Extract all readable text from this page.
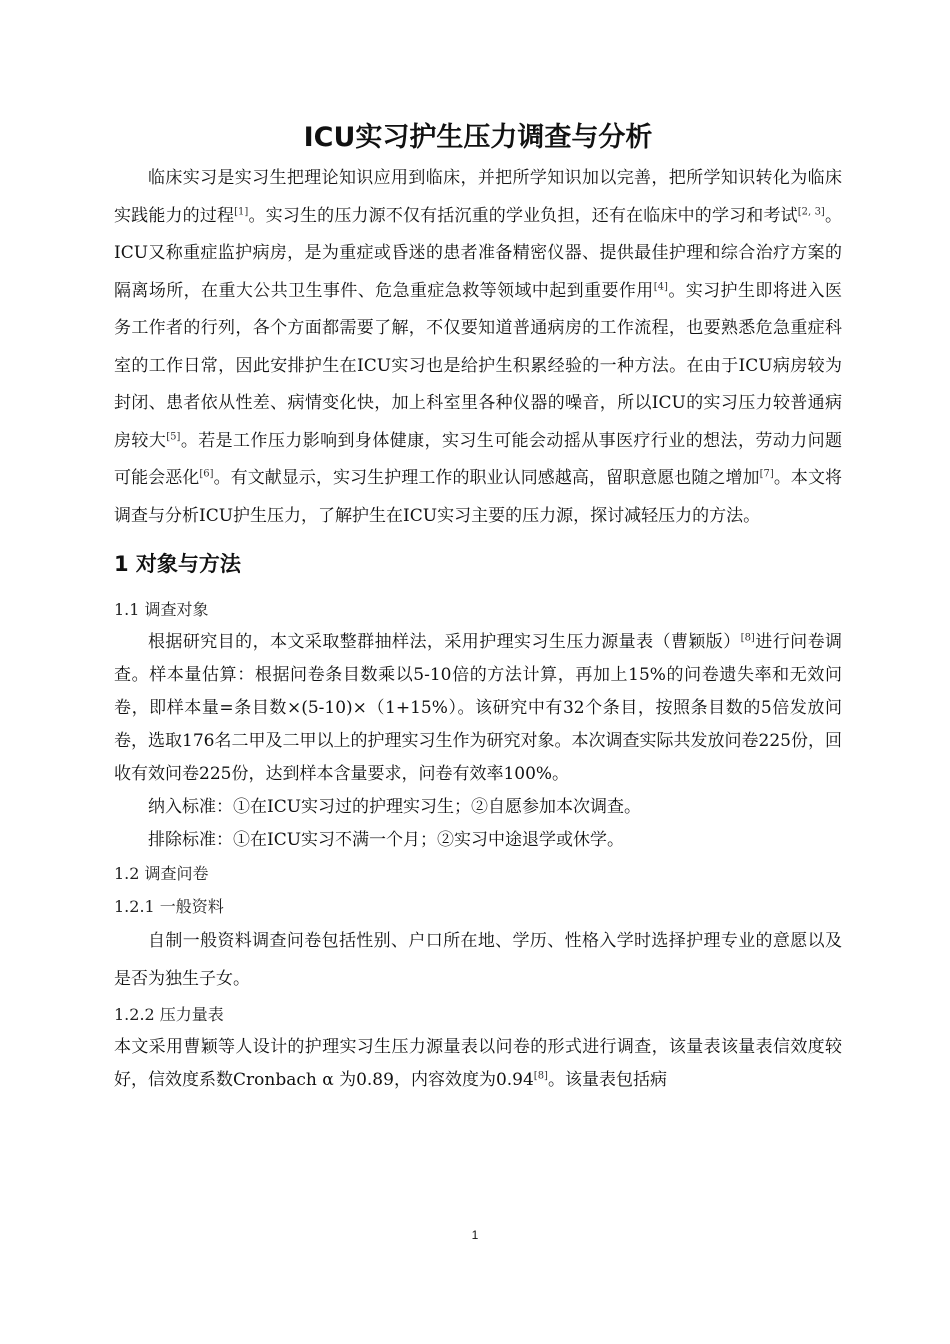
ICU实习护生压力调查与分析

临床实习是实习生把理论知识应用到临床，并把所学知识加以完善，把所学知识转化为临床实践能力的过程[1]。实习生的压力源不仅有括沉重的学业负担，还有在临床中的学习和考试[2, 3]。ICU又称重症监护病房，是为重症或昏迷的患者准备精密仪器、提供最佳护理和综合治疗方案的隔离场所，在重大公共卫生事件、危急重症急救等领域中起到重要作用[4]。实习护生即将进入医务工作者的行列，各个方面都需要了解，不仅要知道普通病房的工作流程，也要熟悉危急重症科室的工作日常，因此安排护生在ICU实习也是给护生积累经验的一种方法。在由于ICU病房较为封闭、患者依从性差、病情变化快，加上科室里各种仪器的噪音，所以ICU的实习压力较普通病房较大[5]。若是工作压力影响到身体健康，实习生可能会动摇从事医疗行业的想法，劳动力问题可能会恶化[6]。有文献显示，实习生护理工作的职业认同感越高，留职意愿也随之增加[7]。本文将调查与分析ICU护生压力，了解护生在ICU实习主要的压力源，探讨减轻压力的方法。

1 对象与方法
1.1 调查对象

根据研究目的，本文采取整群抽样法，采用护理实习生压力源量表（曹颖版）[8]进行问卷调查。样本量估算：根据问卷条目数乘以5-10倍的方法计算，再加上15%的问卷遗失率和无效问卷，即样本量=条目数×(5-10)×（1+15%）。该研究中有32个条目，按照条目数的5倍发放问卷，选取176名二甲及二甲以上的护理实习生作为研究对象。本次调查实际共发放问卷225份，回收有效问卷225份，达到样本含量要求，问卷有效率100%。

纳入标准：①在ICU实习过的护理实习生；②自愿参加本次调查。

排除标准：①在ICU实习不满一个月；②实习中途退学或休学。

1.2 调查问卷
1.2.1 一般资料

自制一般资料调查问卷包括性别、户口所在地、学历、性格入学时选择护理专业的意愿以及是否为独生子女。

1.2.2 压力量表

本文采用曹颖等人设计的护理实习生压力源量表以问卷的形式进行调查，该量表该量表信效度较好，信效度系数Cronbach α 为0.89，内容效度为0.94[8]。该量表包括病

1
